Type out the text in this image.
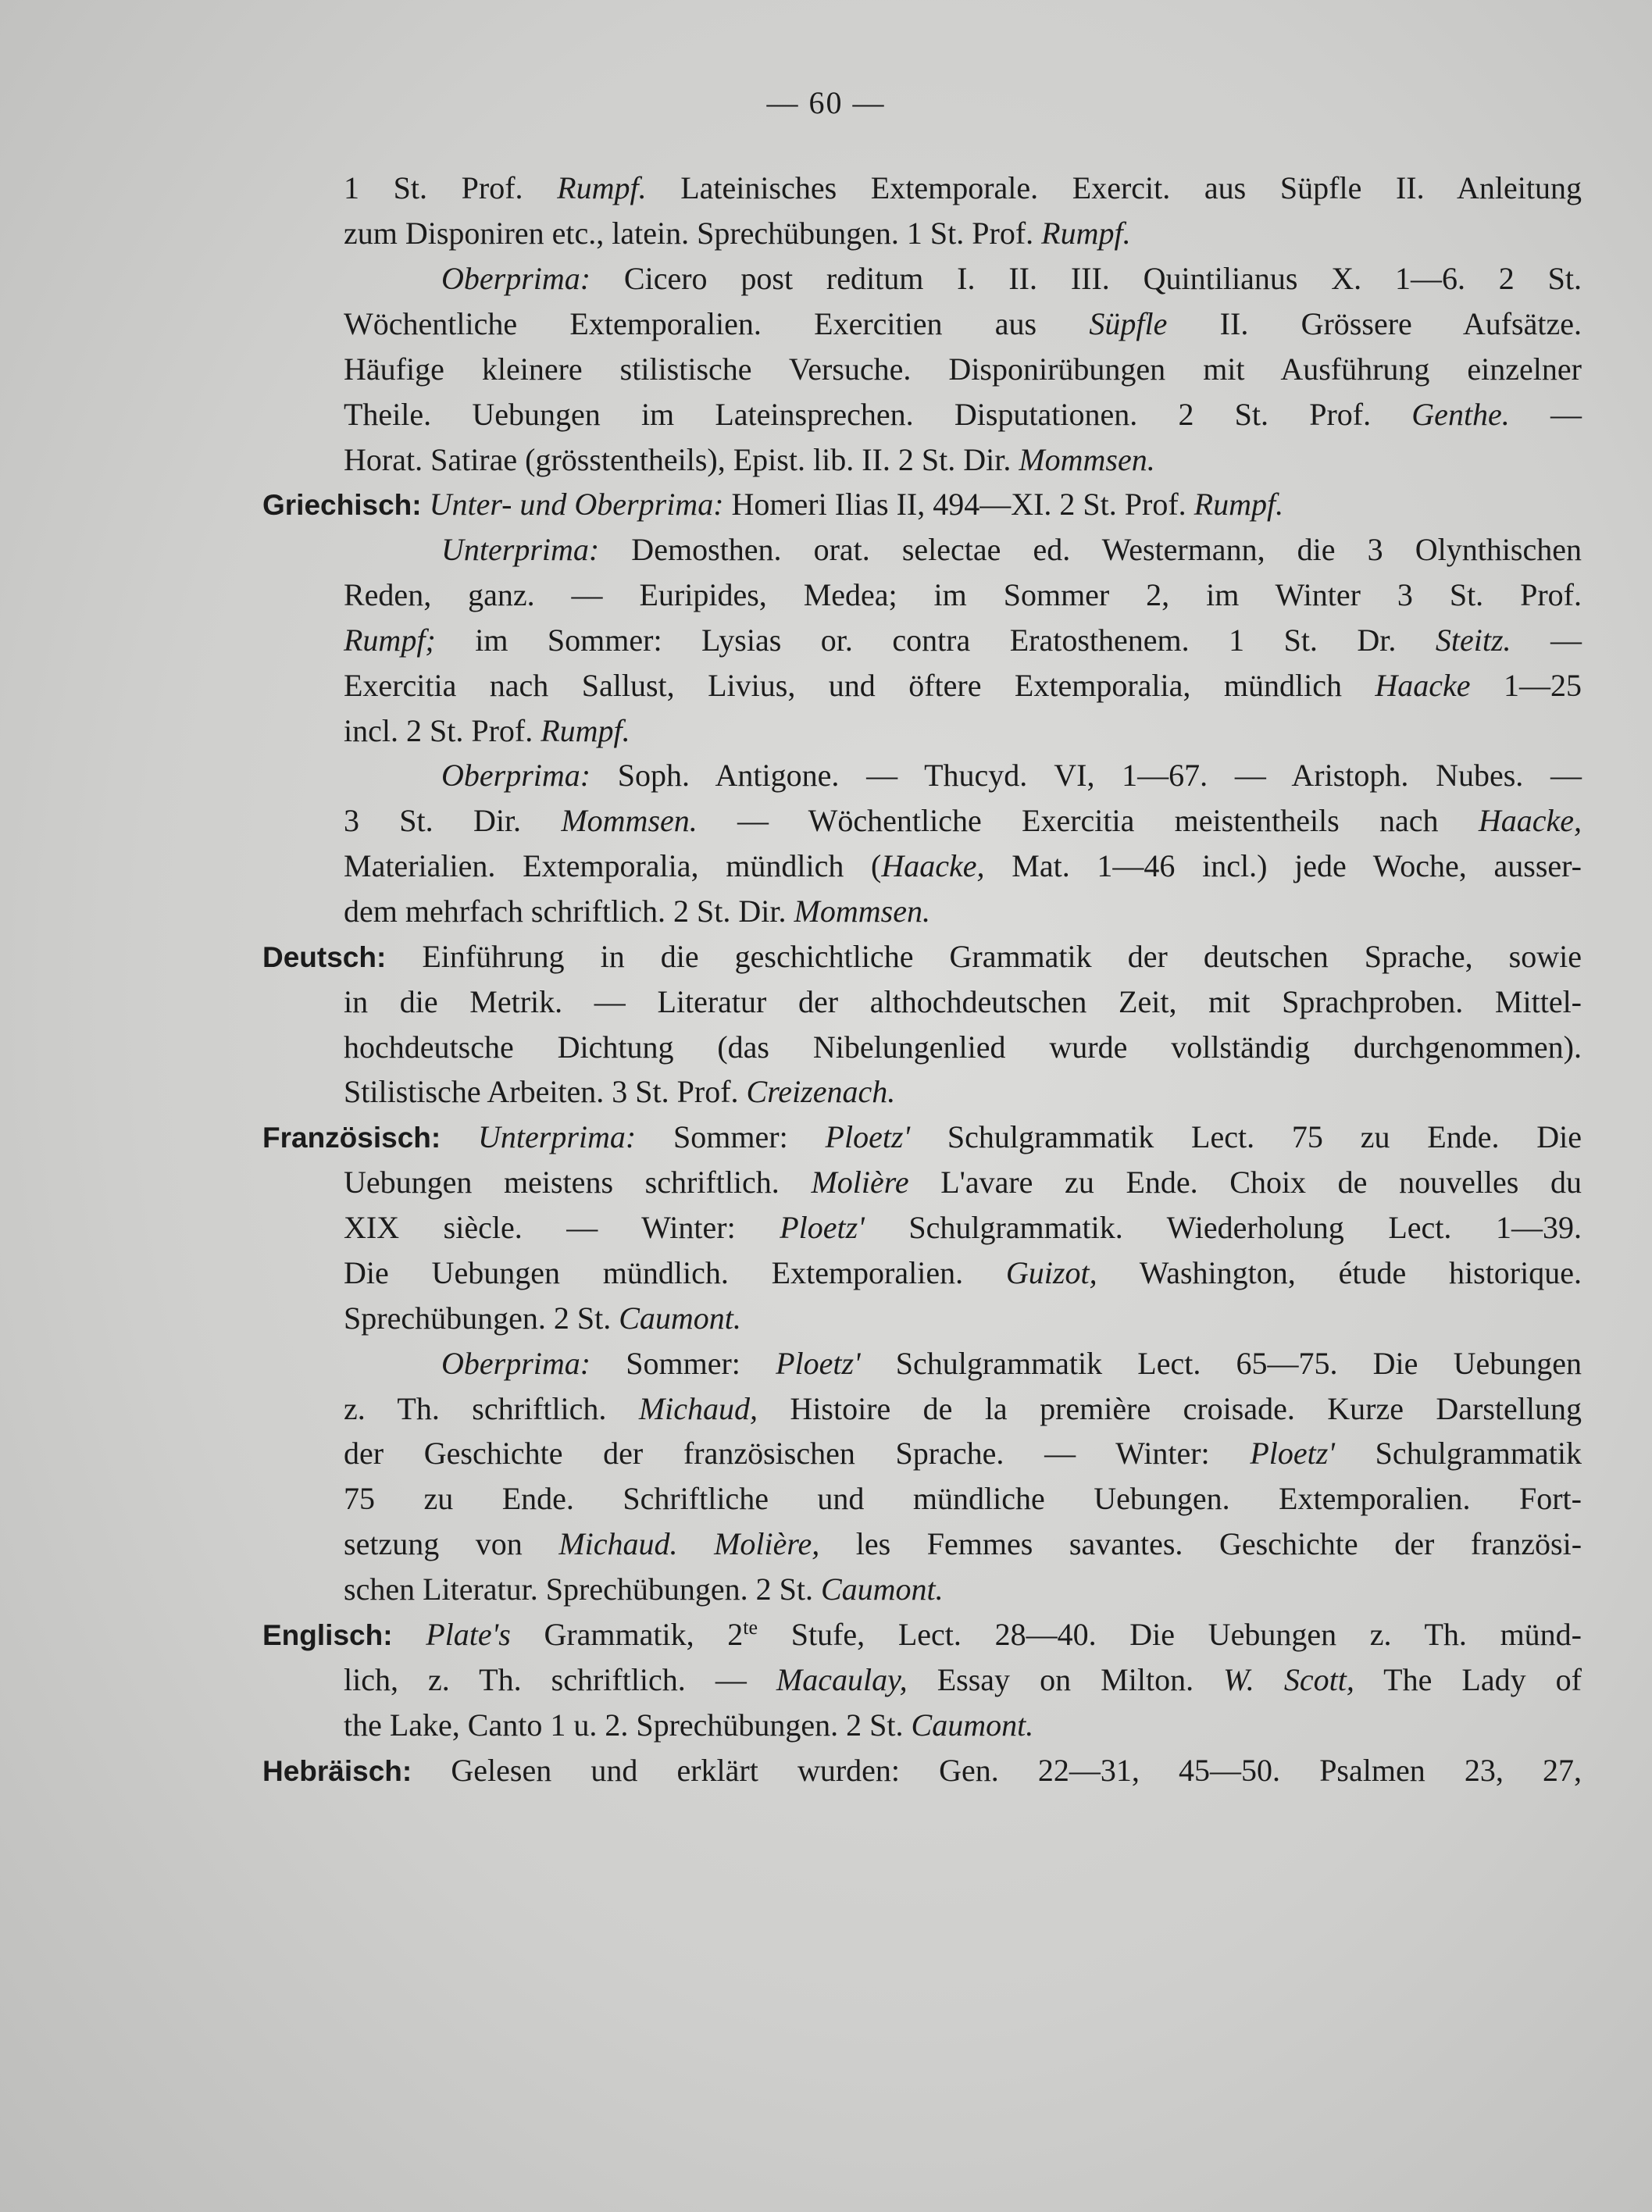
— 60 —
1 St. Prof. Rumpf. Lateinisches Extemporale. Exercit. aus Süpfle II. Anleitung
zum Disponiren etc., latein. Sprechübungen. 1 St. Prof. Rumpf.
Oberprima: Cicero post reditum I. II. III. Quintilianus X. 1—6. 2 St.
Wöchentliche Extemporalien. Exercitien aus Süpfle II. Grössere Aufsätze.
Häufige kleinere stilistische Versuche. Disponirübungen mit Ausführung einzelner
Theile. Uebungen im Lateinsprechen. Disputationen. 2 St. Prof. Genthe. —
Horat. Satirae (grösstentheils), Epist. lib. II. 2 St. Dir. Mommsen.
Griechisch: Unter- und Oberprima: Homeri Ilias II, 494—XI. 2 St. Prof. Rumpf.
Unterprima: Demosthen. orat. selectae ed. Westermann, die 3 Olynthischen
Reden, ganz. — Euripides, Medea; im Sommer 2, im Winter 3 St. Prof.
Rumpf; im Sommer: Lysias or. contra Eratosthenem. 1 St. Dr. Steitz. —
Exercitia nach Sallust, Livius, und öftere Extemporalia, mündlich Haacke 1—25
incl. 2 St. Prof. Rumpf.
Oberprima: Soph. Antigone. — Thucyd. VI, 1—67. — Aristoph. Nubes. —
3 St. Dir. Mommsen. — Wöchentliche Exercitia meistentheils nach Haacke,
Materialien. Extemporalia, mündlich (Haacke, Mat. 1—46 incl.) jede Woche, ausser-
dem mehrfach schriftlich. 2 St. Dir. Mommsen.
Deutsch: Einführung in die geschichtliche Grammatik der deutschen Sprache, sowie
in die Metrik. — Literatur der althochdeutschen Zeit, mit Sprachproben. Mittel-
hochdeutsche Dichtung (das Nibelungenlied wurde vollständig durchgenommen).
Stilistische Arbeiten. 3 St. Prof. Creizenach.
Französisch: Unterprima: Sommer: Ploetz' Schulgrammatik Lect. 75 zu Ende. Die
Uebungen meistens schriftlich. Molière L'avare zu Ende. Choix de nouvelles du
XIX siècle. — Winter: Ploetz' Schulgrammatik. Wiederholung Lect. 1—39.
Die Uebungen mündlich. Extemporalien. Guizot, Washington, étude historique.
Sprechübungen. 2 St. Caumont.
Oberprima: Sommer: Ploetz' Schulgrammatik Lect. 65—75. Die Uebungen
z. Th. schriftlich. Michaud, Histoire de la première croisade. Kurze Darstellung
der Geschichte der französischen Sprache. — Winter: Ploetz' Schulgrammatik
75 zu Ende. Schriftliche und mündliche Uebungen. Extemporalien. Fort-
setzung von Michaud. Molière, les Femmes savantes. Geschichte der französi-
schen Literatur. Sprechübungen. 2 St. Caumont.
Englisch: Plate's Grammatik, $2^{te}$ Stufe, Lect. 28—40. Die Uebungen z. Th. münd-
lich, z. Th. schriftlich. — Macaulay, Essay on Milton. W. Scott, The Lady of
the Lake, Canto 1 u. 2. Sprechübungen. 2 St. Caumont.
Hebräisch: Gelesen und erklärt wurden: Gen. 22—31, 45—50. Psalmen 23, 27,
